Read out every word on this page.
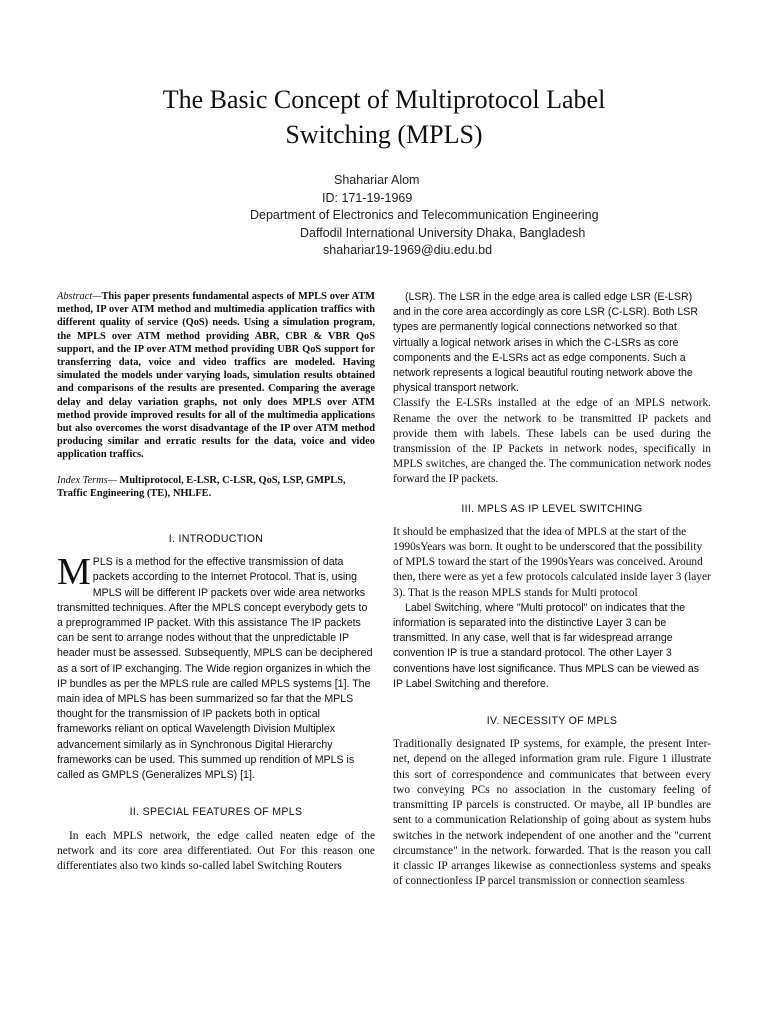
The Basic Concept of Multiprotocol Label
Switching (MPLS)
Shahariar Alom
ID: 171-19-1969
Department of Electronics and Telecommunication Engineering
Daffodil International University Dhaka, Bangladesh
shahariar19-1969@diu.edu.bd

Abstract—This paper presents fundamental aspects of MPLS over ATM method, IP over ATM method and multimedia application traffics with different quality of service (QoS) needs. Using a simulation program, the MPLS over ATM method providing ABR, CBR & VBR QoS support, and the IP over ATM method providing UBR QoS support for transferring data, voice and video traffics are modeled. Having simulated the models under varying loads, simulation results obtained and comparisons of the results are presented. Comparing the average delay and delay variation graphs, not only does MPLS over ATM method provide improved results for all of the multimedia applications but also overcomes the worst disadvantage of the IP over ATM method producing similar and erratic results for the data, voice and video application traffics.

Index Terms— Multiprotocol, E-LSR, C-LSR, QoS, LSP, GMPLS, Traffic Engineering (TE), NHLFE.

I. INTRODUCTION

MPLS is a method for the effective transmission of data packets according to the Internet Protocol. That is, using MPLS will be different IP packets over wide area networks transmitted techniques. After the MPLS concept everybody gets to a preprogrammed IP packet. With this assistance The IP packets can be sent to arrange nodes without that the unpredictable IP header must be assessed. Subsequently, MPLS can be deciphered as a sort of IP exchanging. The Wide region organizes in which the IP bundles as per the MPLS rule are called MPLS systems [1]. The main idea of MPLS has been summarized so far that the MPLS thought for the transmission of IP packets both in optical frameworks reliant on optical Wavelength Division Multiplex advancement similarly as in Synchronous Digital Hierarchy frameworks can be used. This summed up rendition of MPLS is called as GMPLS (Generalizes MPLS) [1].

II. SPECIAL FEATURES OF MPLS

In each MPLS network, the edge called neaten edge of the network and its core area differentiated. Out For this reason one differentiates also two kinds so-called label Switching Routers

(LSR). The LSR in the edge area is called edge LSR (E-LSR) and in the core area accordingly as core LSR (C-LSR). Both LSR types are permanently logical connections networked so that virtually a logical network arises in which the C-LSRs as core components and the E-LSRs act as edge components. Such a network represents a logical beautiful routing network above the physical transport network.

Classify the E-LSRs installed at the edge of an MPLS network. Rename the over the network to be transmitted IP packets and provide them with labels. These labels can be used during the transmission of the IP Packets in network nodes, specifically in MPLS switches, are changed the. The communication network nodes forward the IP packets.

III. MPLS AS IP LEVEL SWITCHING

It should be emphasized that the idea of MPLS at the start of the 1990sYears was born. It ought to be underscored that the possibility of MPLS toward the start of the 1990sYears was conceived. Around then, there were as yet a few protocols calculated inside layer 3 (layer 3). That is the reason MPLS stands for Multi protocol

Label Switching, where "Multi protocol" on indicates that the information is separated into the distinctive Layer 3 can be transmitted. In any case, well that is far widespread arrange convention IP is true a standard protocol. The other Layer 3 conventions have lost significance. Thus MPLS can be viewed as IP Label Switching and therefore.

IV. NECESSITY OF MPLS

Traditionally designated IP systems, for example, the present Inter-net, depend on the alleged information gram rule. Figure 1 illustrate this sort of correspondence and communicates that between every two conveying PCs no association in the customary feeling of transmitting IP parcels is constructed. Or maybe, all IP bundles are sent to a communication Relationship of going about as system hubs switches in the network independent of one another and the "current circumstance" in the network. forwarded. That is the reason you call it classic IP arranges likewise as connectionless systems and speaks of connectionless IP parcel transmission or connection seamless
